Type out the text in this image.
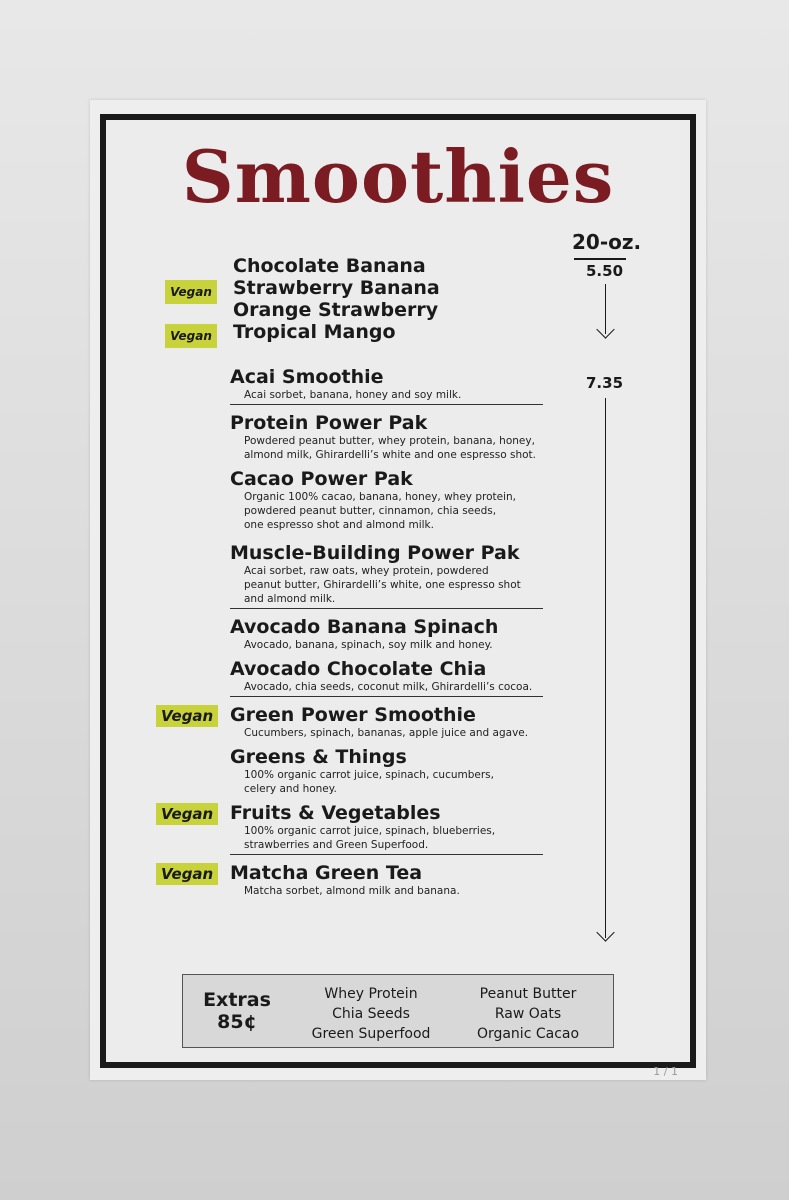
Smoothies
20-oz.
5.50
7.35
Chocolate Banana
Vegan Strawberry Banana
Orange Strawberry
Vegan Tropical Mango
Acai Smoothie
Acai sorbet, banana, honey and soy milk.
Protein Power Pak
Powdered peanut butter, whey protein, banana, honey,
almond milk, Ghirardelli’s white and one espresso shot.
Cacao Power Pak
Organic 100% cacao, banana, honey, whey protein,
powdered peanut butter, cinnamon, chia seeds,
one espresso shot and almond milk.
Muscle-Building Power Pak
Acai sorbet, raw oats, whey protein, powdered
peanut butter, Ghirardelli’s white, one espresso shot
and almond milk.
Avocado Banana Spinach
Avocado, banana, spinach, soy milk and honey.
Avocado Chocolate Chia
Avocado, chia seeds, coconut milk, Ghirardelli’s cocoa.
Vegan Green Power Smoothie
Cucumbers, spinach, bananas, apple juice and agave.
Greens & Things
100% organic carrot juice, spinach, cucumbers,
celery and honey.
Vegan Fruits & Vegetables
100% organic carrot juice, spinach, blueberries,
strawberries and Green Superfood.
Vegan Matcha Green Tea
Matcha sorbet, almond milk and banana.
Extras
85¢
Whey Protein
Chia Seeds
Green Superfood
Peanut Butter
Raw Oats
Organic Cacao
1 / 1
